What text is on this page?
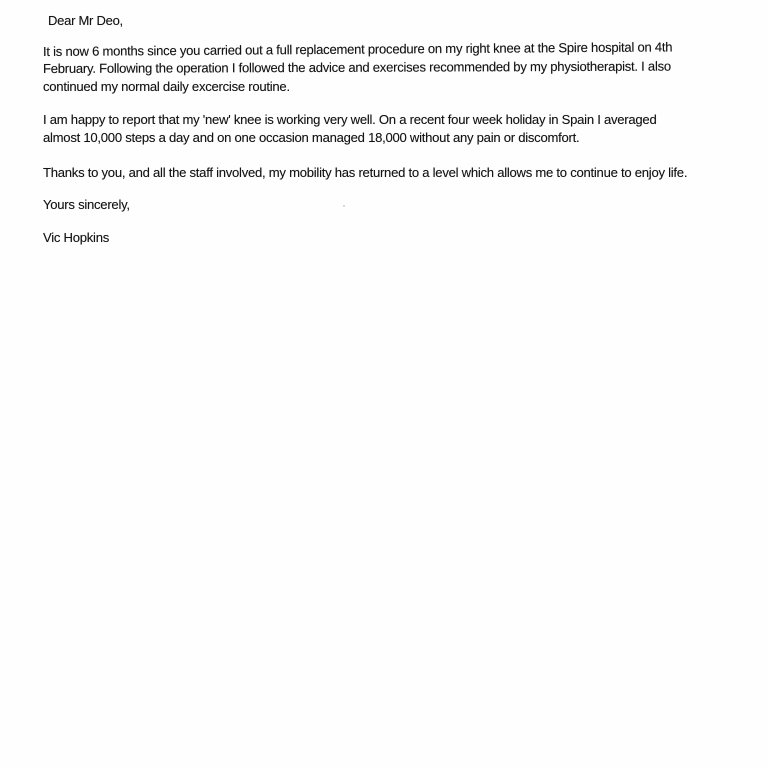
Dear Mr Deo,
It is now 6 months since you carried out a full replacement procedure on my right knee at the Spire hospital on 4th
February. Following the operation I followed the advice and exercises recommended by my physiotherapist. I also
continued my normal daily excercise routine.
I am happy to report that my 'new' knee is working very well. On a recent four week holiday in Spain I averaged
almost 10,000 steps a day and on one occasion managed 18,000 without any pain or discomfort.
Thanks to you, and all the staff involved, my mobility has returned to a level which allows me to continue to enjoy life.
Yours sincerely,
Vic Hopkins
